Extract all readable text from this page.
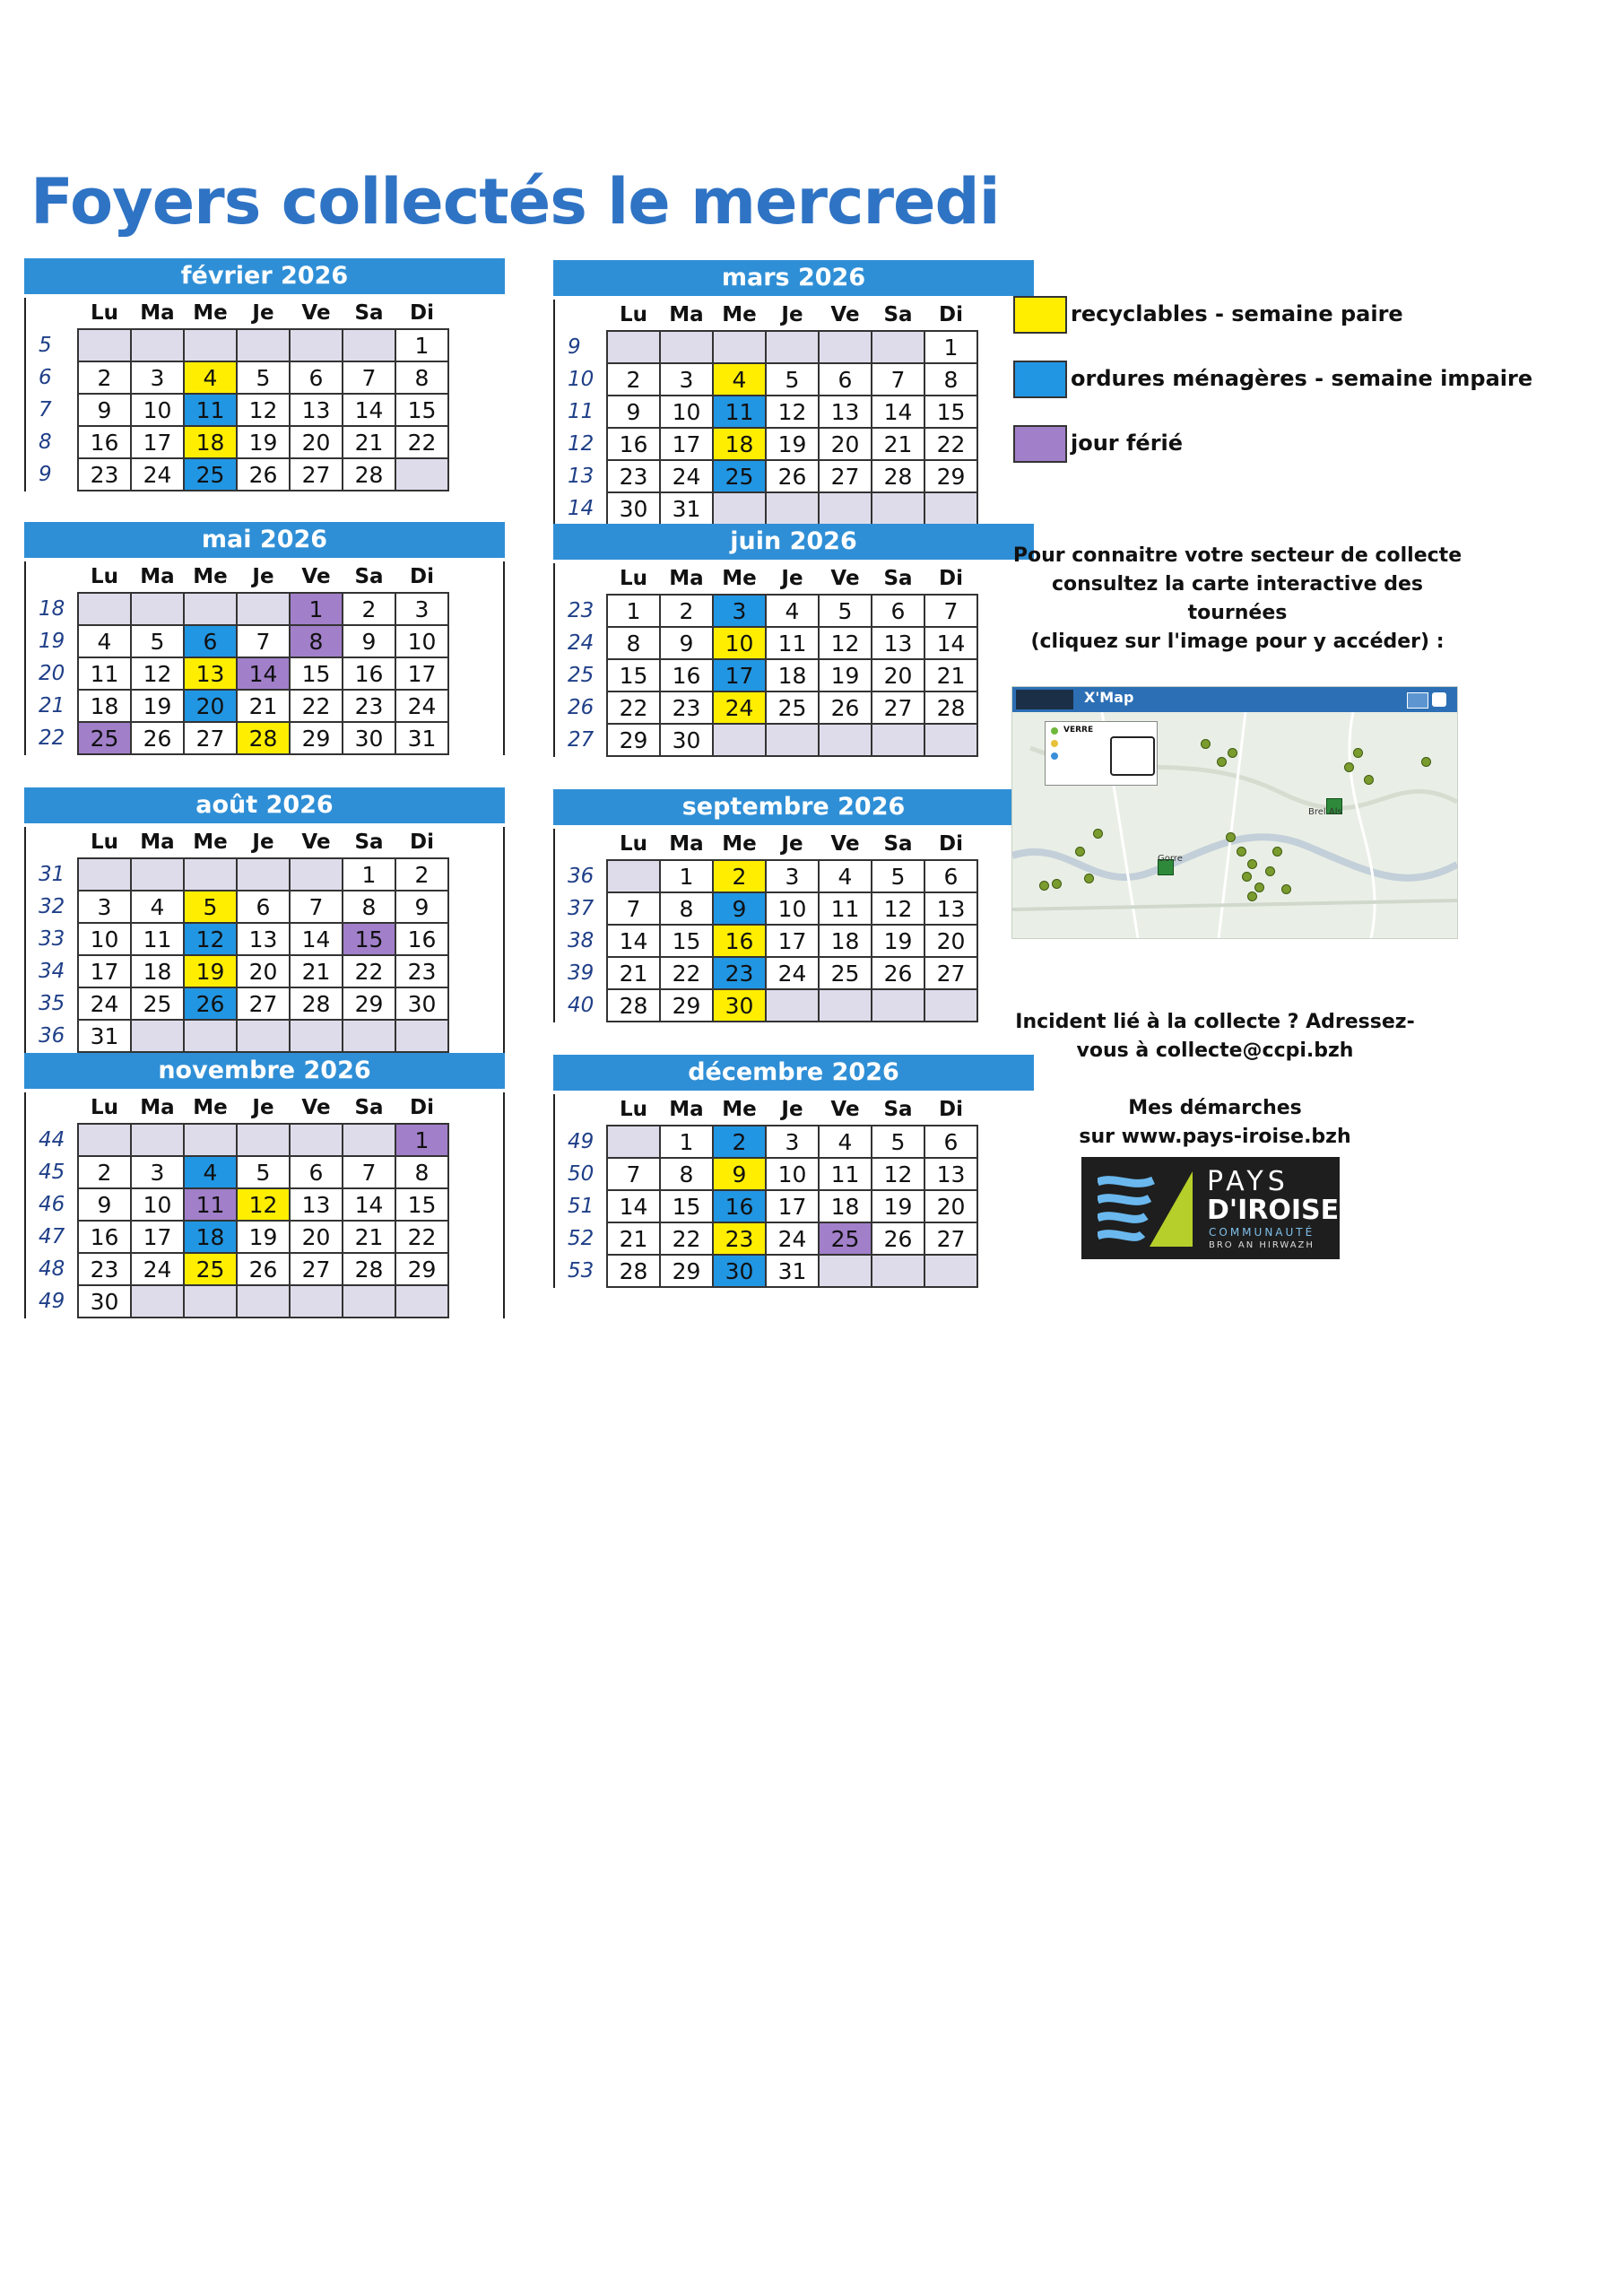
Foyers collectés le mercredi
février 2026
	Lu	Ma	Me	Je	Ve	Sa	Di
5							1
6	2	3	4	5	6	7	8
7	9	10	11	12	13	14	15
8	16	17	18	19	20	21	22
9	23	24	25	26	27	28	
mars 2026
	Lu	Ma	Me	Je	Ve	Sa	Di
9							1
10	2	3	4	5	6	7	8
11	9	10	11	12	13	14	15
12	16	17	18	19	20	21	22
13	23	24	25	26	27	28	29
14	30	31					
mai 2026
	Lu	Ma	Me	Je	Ve	Sa	Di
18					1	2	3
19	4	5	6	7	8	9	10
20	11	12	13	14	15	16	17
21	18	19	20	21	22	23	24
22	25	26	27	28	29	30	31
juin 2026
	Lu	Ma	Me	Je	Ve	Sa	Di
23	1	2	3	4	5	6	7
24	8	9	10	11	12	13	14
25	15	16	17	18	19	20	21
26	22	23	24	25	26	27	28
27	29	30					
août 2026
	Lu	Ma	Me	Je	Ve	Sa	Di
31						1	2
32	3	4	5	6	7	8	9
33	10	11	12	13	14	15	16
34	17	18	19	20	21	22	23
35	24	25	26	27	28	29	30
36	31						
septembre 2026
	Lu	Ma	Me	Je	Ve	Sa	Di
36		1	2	3	4	5	6
37	7	8	9	10	11	12	13
38	14	15	16	17	18	19	20
39	21	22	23	24	25	26	27
40	28	29	30				
novembre 2026
	Lu	Ma	Me	Je	Ve	Sa	Di
44							1
45	2	3	4	5	6	7	8
46	9	10	11	12	13	14	15
47	16	17	18	19	20	21	22
48	23	24	25	26	27	28	29
49	30						
décembre 2026
	Lu	Ma	Me	Je	Ve	Sa	Di
49		1	2	3	4	5	6
50	7	8	9	10	11	12	13
51	14	15	16	17	18	19	20
52	21	22	23	24	25	26	27
53	28	29	30	31			
recyclables - semaine paire
ordures ménagères - semaine impaire
jour férié
Pour connaitre votre secteur de collecte
consultez la carte interactive des tournées
(cliquez sur l'image pour y accéder) :
X'Map
VERRE
Brel Als
Gorre
Incident lié à la collecte ? Adressez-
vous à collecte@ccpi.bzh
Mes démarches
sur www.pays-iroise.bzh
PAYS
D'IROISE
COMMUNAUTÉ
BRO AN HIRWAZH
